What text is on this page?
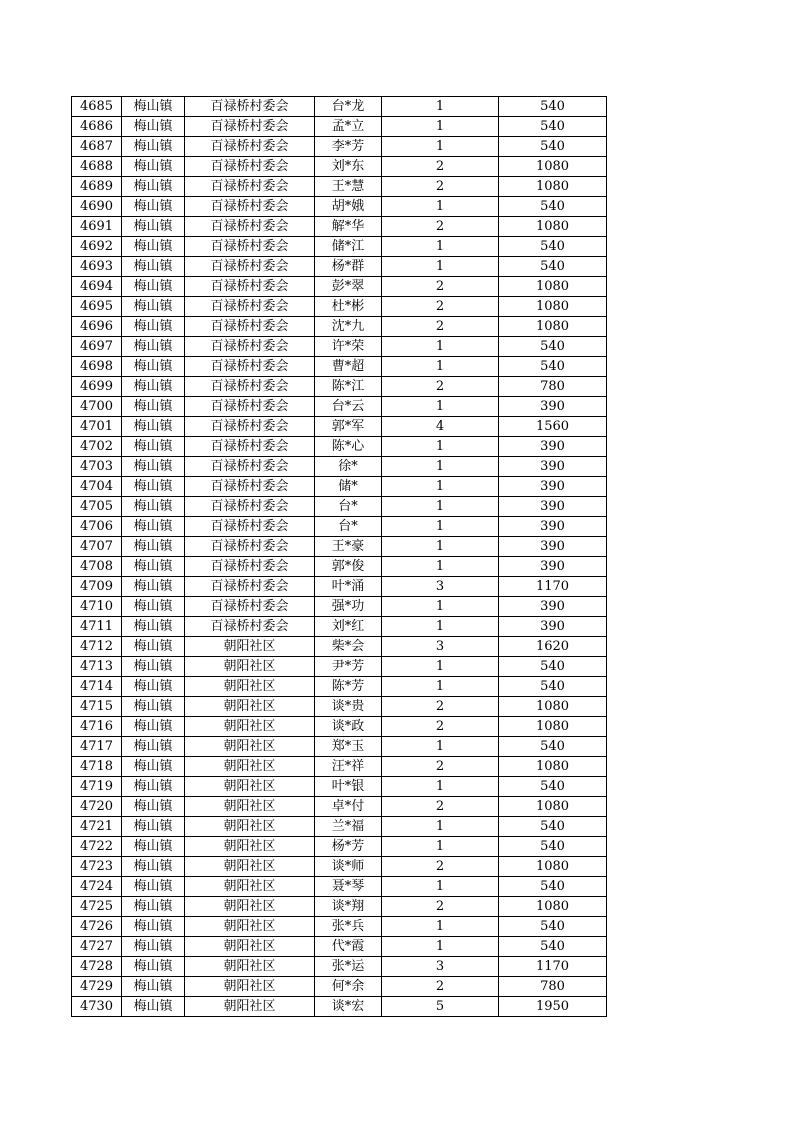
4685	梅山镇	百禄桥村委会	台*龙	1	540
4686	梅山镇	百禄桥村委会	孟*立	1	540
4687	梅山镇	百禄桥村委会	李*芳	1	540
4688	梅山镇	百禄桥村委会	刘*东	2	1080
4689	梅山镇	百禄桥村委会	王*慧	2	1080
4690	梅山镇	百禄桥村委会	胡*娥	1	540
4691	梅山镇	百禄桥村委会	解*华	2	1080
4692	梅山镇	百禄桥村委会	储*江	1	540
4693	梅山镇	百禄桥村委会	杨*群	1	540
4694	梅山镇	百禄桥村委会	彭*翠	2	1080
4695	梅山镇	百禄桥村委会	杜*彬	2	1080
4696	梅山镇	百禄桥村委会	沈*九	2	1080
4697	梅山镇	百禄桥村委会	许*荣	1	540
4698	梅山镇	百禄桥村委会	曹*超	1	540
4699	梅山镇	百禄桥村委会	陈*江	2	780
4700	梅山镇	百禄桥村委会	台*云	1	390
4701	梅山镇	百禄桥村委会	郭*军	4	1560
4702	梅山镇	百禄桥村委会	陈*心	1	390
4703	梅山镇	百禄桥村委会	徐*	1	390
4704	梅山镇	百禄桥村委会	储*	1	390
4705	梅山镇	百禄桥村委会	台*	1	390
4706	梅山镇	百禄桥村委会	台*	1	390
4707	梅山镇	百禄桥村委会	王*豪	1	390
4708	梅山镇	百禄桥村委会	郭*俊	1	390
4709	梅山镇	百禄桥村委会	叶*涌	3	1170
4710	梅山镇	百禄桥村委会	强*功	1	390
4711	梅山镇	百禄桥村委会	刘*红	1	390
4712	梅山镇	朝阳社区	柴*会	3	1620
4713	梅山镇	朝阳社区	尹*芳	1	540
4714	梅山镇	朝阳社区	陈*芳	1	540
4715	梅山镇	朝阳社区	谈*贵	2	1080
4716	梅山镇	朝阳社区	谈*政	2	1080
4717	梅山镇	朝阳社区	郑*玉	1	540
4718	梅山镇	朝阳社区	汪*祥	2	1080
4719	梅山镇	朝阳社区	叶*银	1	540
4720	梅山镇	朝阳社区	卓*付	2	1080
4721	梅山镇	朝阳社区	兰*福	1	540
4722	梅山镇	朝阳社区	杨*芳	1	540
4723	梅山镇	朝阳社区	谈*师	2	1080
4724	梅山镇	朝阳社区	聂*琴	1	540
4725	梅山镇	朝阳社区	谈*翔	2	1080
4726	梅山镇	朝阳社区	张*兵	1	540
4727	梅山镇	朝阳社区	代*霞	1	540
4728	梅山镇	朝阳社区	张*运	3	1170
4729	梅山镇	朝阳社区	何*余	2	780
4730	梅山镇	朝阳社区	谈*宏	5	1950
